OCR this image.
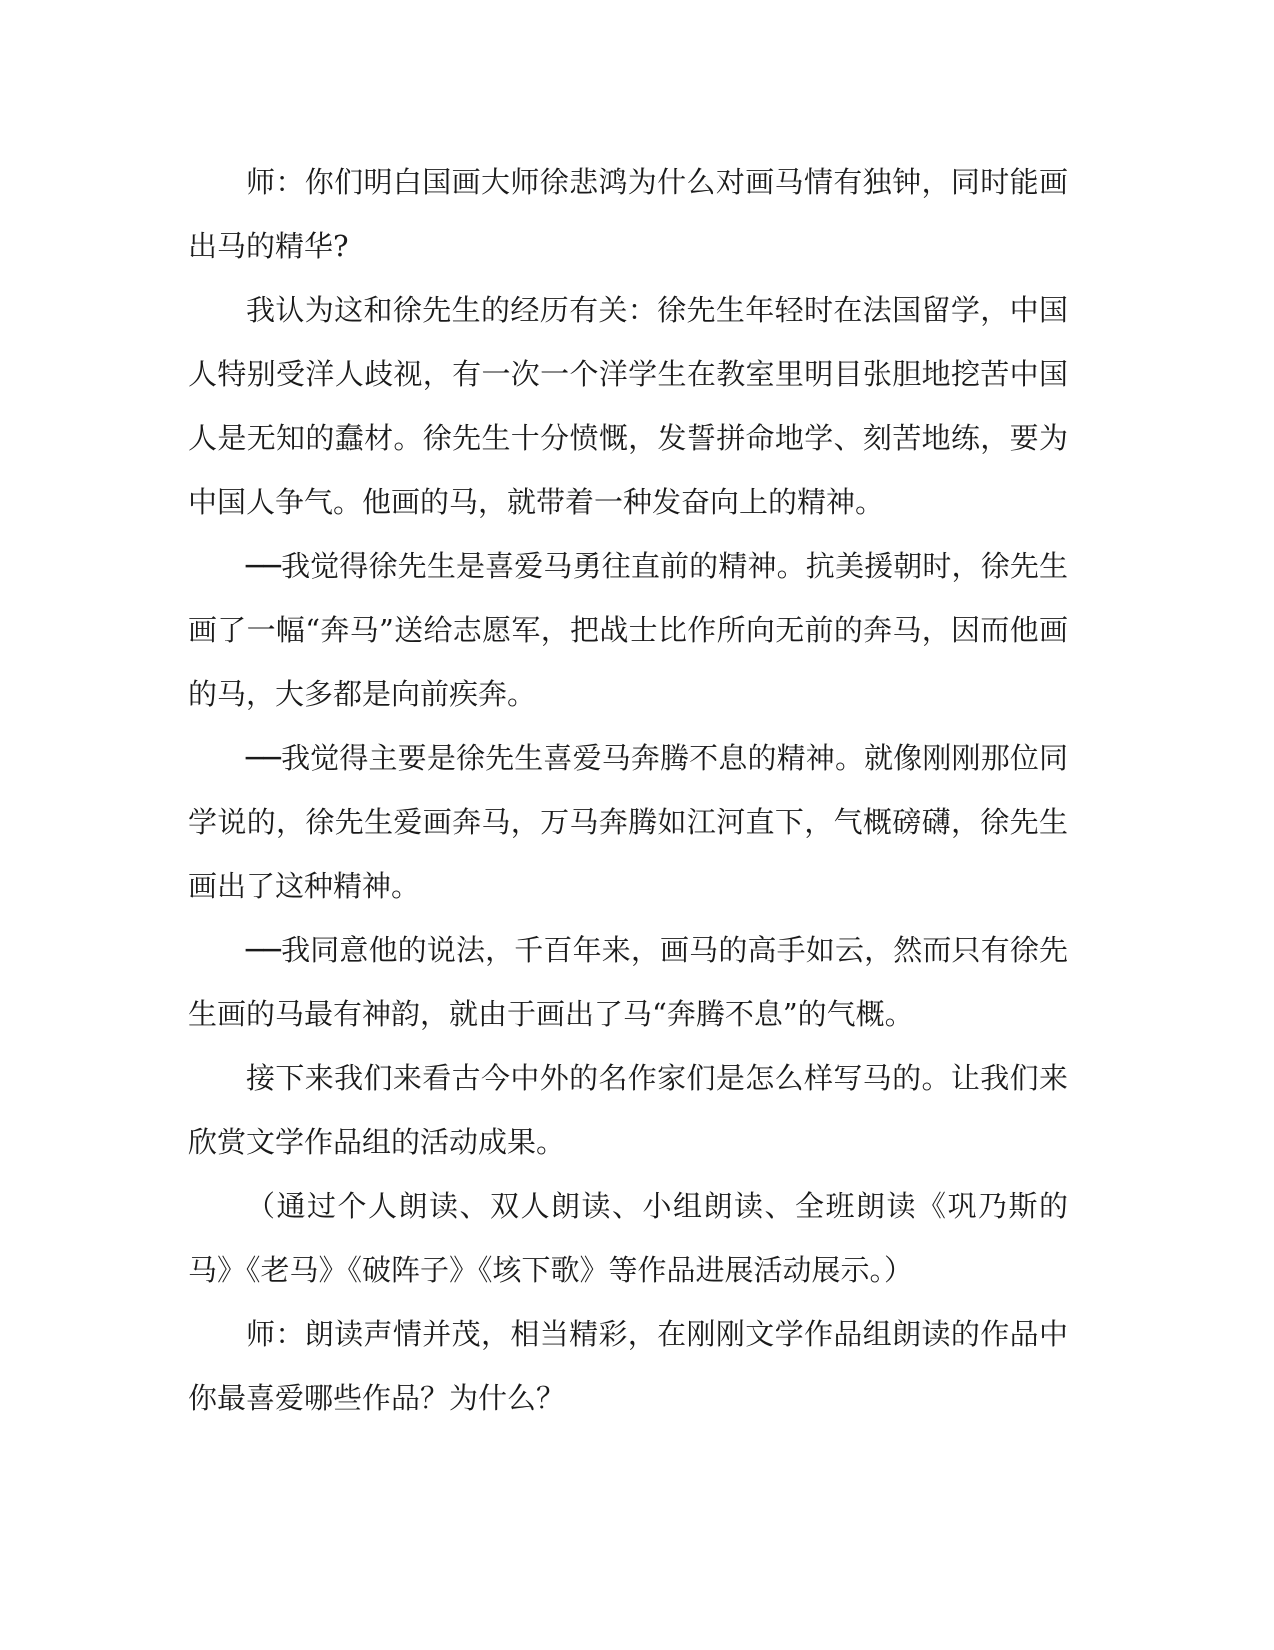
师：你们明白国画大师徐悲鸿为什么对画马情有独钟，同时能画出马的精华?

我认为这和徐先生的经历有关：徐先生年轻时在法国留学，中国人特别受洋人歧视，有一次一个洋学生在教室里明目张胆地挖苦中国人是无知的蠢材。徐先生十分愤慨，发誓拼命地学、刻苦地练，要为中国人争气。他画的马，就带着一种发奋向上的精神。

──我觉得徐先生是喜爱马勇往直前的精神。抗美援朝时，徐先生画了一幅“奔马”送给志愿军，把战士比作所向无前的奔马，因而他画的马，大多都是向前疾奔。

──我觉得主要是徐先生喜爱马奔腾不息的精神。就像刚刚那位同学说的，徐先生爱画奔马，万马奔腾如江河直下，气概磅礴，徐先生画出了这种精神。

──我同意他的说法，千百年来，画马的高手如云，然而只有徐先生画的马最有神韵，就由于画出了马“奔腾不息”的气概。

接下来我们来看古今中外的名作家们是怎么样写马的。让我们来欣赏文学作品组的活动成果。

（通过个人朗读、双人朗读、小组朗读、全班朗读《巩乃斯的马》《老马》《破阵子》《垓下歌》等作品进展活动展示。）

师：朗读声情并茂，相当精彩，在刚刚文学作品组朗读的作品中你最喜爱哪些作品？为什么？
